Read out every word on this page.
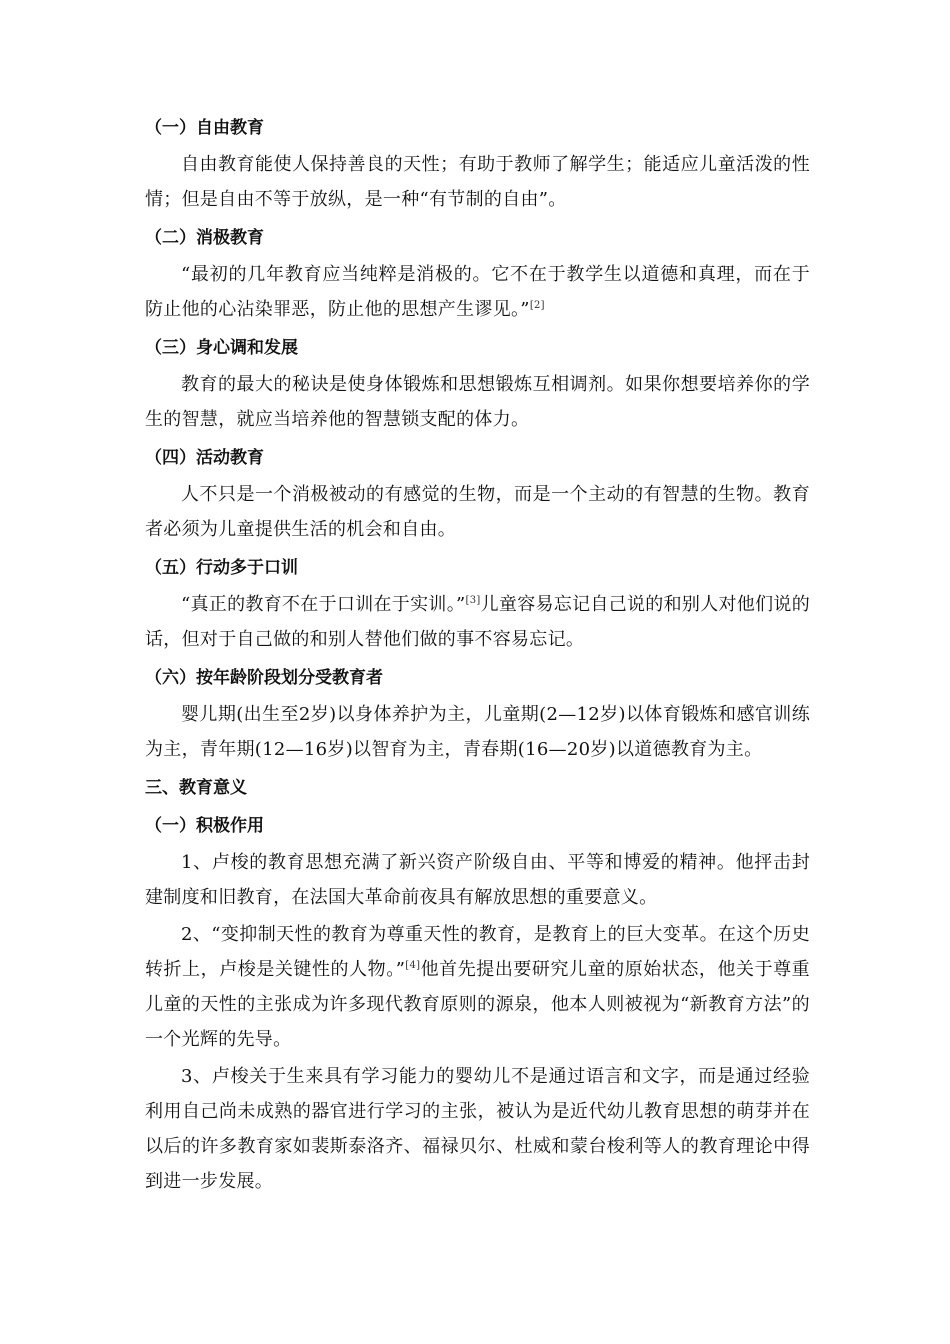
（一）自由教育

自由教育能使人保持善良的天性；有助于教师了解学生；能适应儿童活泼的性情；但是自由不等于放纵，是一种“有节制的自由”。

（二）消极教育

“最初的几年教育应当纯粹是消极的。它不在于教学生以道德和真理，而在于防止他的心沾染罪恶，防止他的思想产生谬见。”[2]

（三）身心调和发展

教育的最大的秘诀是使身体锻炼和思想锻炼互相调剂。如果你想要培养你的学生的智慧，就应当培养他的智慧锁支配的体力。

（四）活动教育

人不只是一个消极被动的有感觉的生物，而是一个主动的有智慧的生物。教育者必须为儿童提供生活的机会和自由。

（五）行动多于口训

“真正的教育不在于口训在于实训。”[3]儿童容易忘记自己说的和别人对他们说的话，但对于自己做的和别人替他们做的事不容易忘记。

（六）按年龄阶段划分受教育者

婴儿期(出生至2岁)以身体养护为主，儿童期(2—12岁)以体育锻炼和感官训练为主，青年期(12—16岁)以智育为主，青春期(16—20岁)以道德教育为主。

三、教育意义
（一）积极作用

1、卢梭的教育思想充满了新兴资产阶级自由、平等和博爱的精神。他抨击封建制度和旧教育，在法国大革命前夜具有解放思想的重要意义。

2、“变抑制天性的教育为尊重天性的教育，是教育上的巨大变革。在这个历史转折上，卢梭是关键性的人物。”[4]他首先提出要研究儿童的原始状态，他关于尊重儿童的天性的主张成为许多现代教育原则的源泉，他本人则被视为“新教育方法”的一个光辉的先导。

3、卢梭关于生来具有学习能力的婴幼儿不是通过语言和文字，而是通过经验利用自己尚未成熟的器官进行学习的主张，被认为是近代幼儿教育思想的萌芽并在以后的许多教育家如裴斯泰洛齐、福禄贝尔、杜威和蒙台梭利等人的教育理论中得到进一步发展。
